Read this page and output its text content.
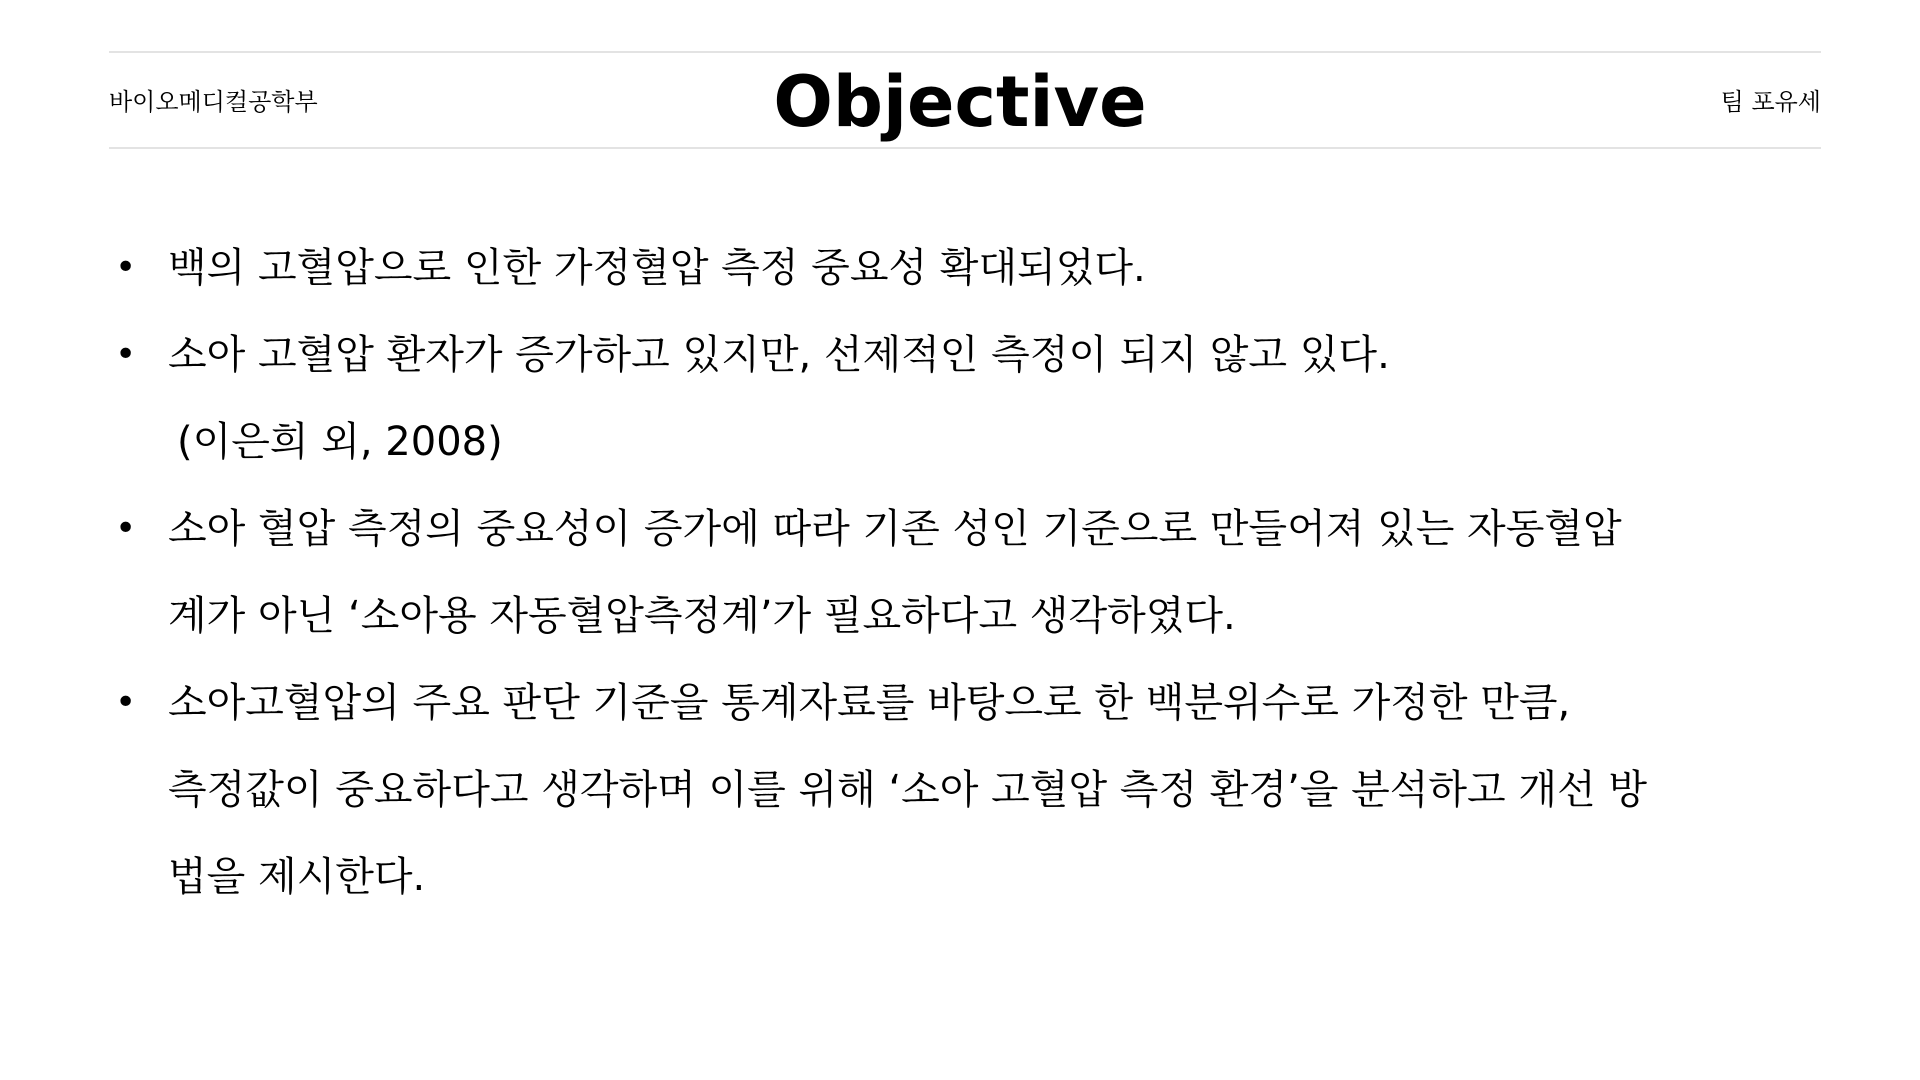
바이오메디컬공학부	Objective	팀 포유세
• 백의 고혈압으로 인한 가정혈압 측정 중요성 확대되었다.
• 소아 고혈압 환자가 증가하고 있지만, 선제적인 측정이 되지 않고 있다.
(이은희 외, 2008)
• 소아 혈압 측정의 중요성이 증가에 따라 기존 성인 기준으로 만들어져 있는 자동혈압
계가 아닌 ‘소아용 자동혈압측정계’가 필요하다고 생각하였다.
• 소아고혈압의 주요 판단 기준을 통계자료를 바탕으로 한 백분위수로 가정한 만큼,
측정값이 중요하다고 생각하며 이를 위해 ‘소아 고혈압 측정 환경’을 분석하고 개선 방
법을 제시한다.
